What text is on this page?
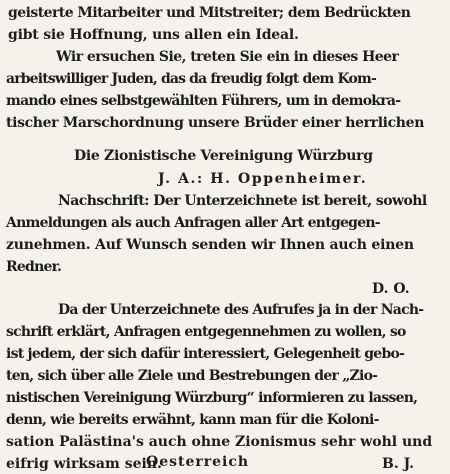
geisterte Mitarbeiter und Mitstreiter; dem Bedrückten
gibt sie Hoffnung, uns allen ein Ideal.
Wir ersuchen Sie, treten Sie ein in dieses Heer
arbeitswilliger Juden, das da freudig folgt dem Kom-
mando eines selbstgewählten Führers, um in demokra-
tischer Marschordnung unsere Brüder einer herrlichen
Die Zionistische Vereinigung Würzburg
J. A.: H. Oppenheimer.
Nachschrift: Der Unterzeichnete ist bereit, sowohl
Anmeldungen als auch Anfragen aller Art entgegen-
zunehmen. Auf Wunsch senden wir Ihnen auch einen
Redner.
D. O.
Da der Unterzeichnete des Aufrufes ja in der Nach-
schrift erklärt, Anfragen entgegennehmen zu wollen, so
ist jedem, der sich dafür interessiert, Gelegenheit gebo-
ten, sich über alle Ziele und Bestrebungen der „Zio-
nistischen Vereinigung Würzburg“ informieren zu lassen,
denn, wie bereits erwähnt, kann man für die Koloni-
sation Palästina's auch ohne Zionismus sehr wohl und
eifrig wirksam sein.	B. J.
Oesterreich
